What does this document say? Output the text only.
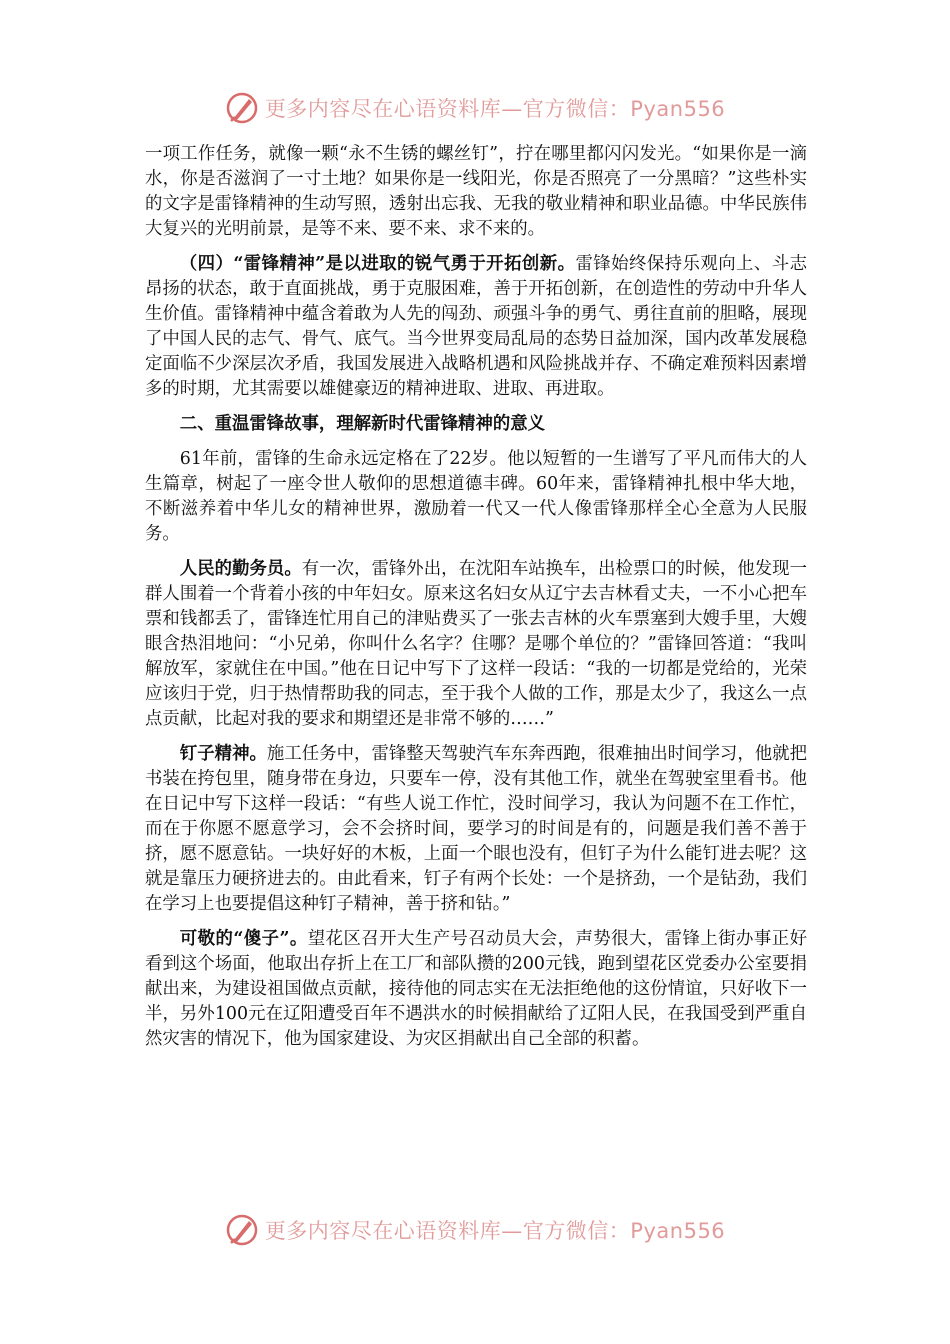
更多内容尽在心语资料库—官方微信：Pyan556

一项工作任务，就像一颗“永不生锈的螺丝钉”，拧在哪里都闪闪发光。“如果你是一滴水，你是否滋润了一寸土地？如果你是一线阳光，你是否照亮了一分黑暗？”这些朴实的文字是雷锋精神的生动写照，透射出忘我、无我的敬业精神和职业品德。中华民族伟大复兴的光明前景，是等不来、要不来、求不来的。

（四）“雷锋精神”是以进取的锐气勇于开拓创新。雷锋始终保持乐观向上、斗志昂扬的状态，敢于直面挑战，勇于克服困难，善于开拓创新，在创造性的劳动中升华人生价值。雷锋精神中蕴含着敢为人先的闯劲、顽强斗争的勇气、勇往直前的胆略，展现了中国人民的志气、骨气、底气。当今世界变局乱局的态势日益加深，国内改革发展稳定面临不少深层次矛盾，我国发展进入战略机遇和风险挑战并存、不确定难预料因素增多的时期，尤其需要以雄健豪迈的精神进取、进取、再进取。

二、重温雷锋故事，理解新时代雷锋精神的意义

61年前，雷锋的生命永远定格在了22岁。他以短暂的一生谱写了平凡而伟大的人生篇章，树起了一座令世人敬仰的思想道德丰碑。60年来，雷锋精神扎根中华大地，不断滋养着中华儿女的精神世界，激励着一代又一代人像雷锋那样全心全意为人民服务。

人民的勤务员。有一次，雷锋外出，在沈阳车站换车，出检票口的时候，他发现一群人围着一个背着小孩的中年妇女。原来这名妇女从辽宁去吉林看丈夫，一不小心把车票和钱都丢了，雷锋连忙用自己的津贴费买了一张去吉林的火车票塞到大嫂手里，大嫂眼含热泪地问：“小兄弟，你叫什么名字？住哪？是哪个单位的？”雷锋回答道：“我叫解放军，家就住在中国。”他在日记中写下了这样一段话：“我的一切都是党给的，光荣应该归于党，归于热情帮助我的同志，至于我个人做的工作，那是太少了，我这么一点点贡献，比起对我的要求和期望还是非常不够的……”

钉子精神。施工任务中，雷锋整天驾驶汽车东奔西跑，很难抽出时间学习，他就把书装在挎包里，随身带在身边，只要车一停，没有其他工作，就坐在驾驶室里看书。他在日记中写下这样一段话：“有些人说工作忙，没时间学习，我认为问题不在工作忙，而在于你愿不愿意学习，会不会挤时间，要学习的时间是有的，问题是我们善不善于挤，愿不愿意钻。一块好好的木板，上面一个眼也没有，但钉子为什么能钉进去呢？这就是靠压力硬挤进去的。由此看来，钉子有两个长处：一个是挤劲，一个是钻劲，我们在学习上也要提倡这种钉子精神，善于挤和钻。”

可敬的“傻子”。望花区召开大生产号召动员大会，声势很大，雷锋上街办事正好看到这个场面，他取出存折上在工厂和部队攒的200元钱，跑到望花区党委办公室要捐献出来，为建设祖国做点贡献，接待他的同志实在无法拒绝他的这份情谊，只好收下一半，另外100元在辽阳遭受百年不遇洪水的时候捐献给了辽阳人民，在我国受到严重自然灾害的情况下，他为国家建设、为灾区捐献出自己全部的积蓄。

更多内容尽在心语资料库—官方微信：Pyan556
